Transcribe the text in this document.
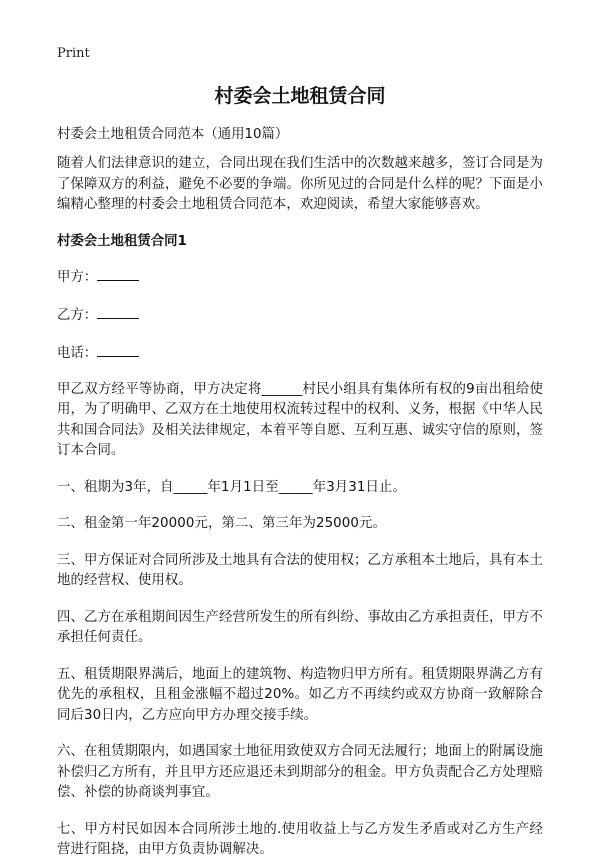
Print
村委会土地租赁合同
村委会土地租赁合同范本（通用10篇）

随着人们法律意识的建立，合同出现在我们生活中的次数越来越多，签订合同是为了保障双方的利益，避免不必要的争端。你所见过的合同是什么样的呢？下面是小编精心整理的村委会土地租赁合同范本，欢迎阅读，希望大家能够喜欢。

村委会土地租赁合同1
甲方：
乙方：
电话：

甲乙双方经平等协商，甲方决定将______村民小组具有集体所有权的9亩出租给使用，为了明确甲、乙双方在土地使用权流转过程中的权利、义务，根据《中华人民共和国合同法》及相关法律规定，本着平等自愿、互利互惠、诚实守信的原则，签订本合同。

一、租期为3年，自_____年1月1日至_____年3月31日止。

二、租金第一年20000元，第二、第三年为25000元。

三、甲方保证对合同所涉及土地具有合法的使用权；乙方承租本土地后，具有本土地的经营权、使用权。

四、乙方在承租期间因生产经营所发生的所有纠纷、事故由乙方承担责任，甲方不承担任何责任。

五、租赁期限界满后，地面上的建筑物、构造物归甲方所有。租赁期限界满乙方有优先的承租权，且租金涨幅不超过20%。如乙方不再续约或双方协商一致解除合同后30日内，乙方应向甲方办理交接手续。

六、在租赁期限内，如遇国家土地征用致使双方合同无法履行；地面上的附属设施补偿归乙方所有，并且甲方还应退还未到期部分的租金。甲方负责配合乙方处理赔偿、补偿的协商谈判事宜。

七、甲方村民如因本合同所涉土地的.使用收益上与乙方发生矛盾或对乙方生产经营进行阻挠，由甲方负责协调解决。
